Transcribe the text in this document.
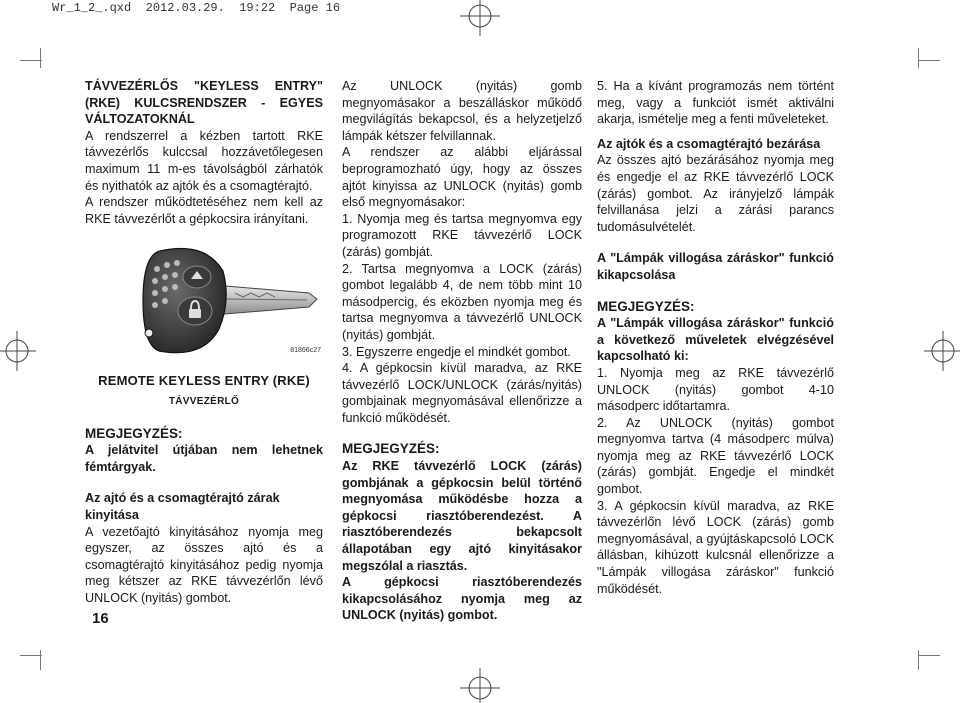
Wr_1_2_.qxd  2012.03.29.  19:22  Page 16

TÁVVEZÉRLŐS "KEYLESS ENTRY" (RKE) KULCSRENDSZER - EGYES VÁLTOZATOKNÁL

A rendszerrel a kézben tartott RKE távvezérlős kulccsal hozzávetőlegesen maximum 11 m-es távolságból zárhatók és nyithatók az ajtók és a csomagtérajtó.

A rendszer működtetéséhez nem kell az RKE távvezérlőt a gépkocsira irányítani.

81866c27
REMOTE KEYLESS ENTRY (RKE)
TÁVVEZÉRLŐ

MEGJEGYZÉS:

A jelátvitel útjában nem lehetnek fémtárgyak.

Az ajtó és a csomagtérajtó zárak kinyitása

A vezetőajtó kinyitásához nyomja meg egyszer, az összes ajtó és a csomagtérajtó kinyitásához pedig nyomja meg kétszer az RKE távvezérlőn lévő UNLOCK (nyitás) gombot.

16

Az UNLOCK (nyitás) gomb megnyomásakor a beszálláskor működő megvilágítás bekapcsol, és a helyzetjelző lámpák kétszer felvillannak.

A rendszer az alábbi eljárással beprogramozható úgy, hogy az összes ajtót kinyissa az UNLOCK (nyitás) gomb első megnyomásakor:

1. Nyomja meg és tartsa megnyomva egy programozott RKE távvezérlő LOCK (zárás) gombját.

2. Tartsa megnyomva a LOCK (zárás) gombot legalább 4, de nem több mint 10 másodpercig, és eközben nyomja meg és tartsa megnyomva a távvezérlő UNLOCK (nyitás) gombját.

3. Egyszerre engedje el mindkét gombot.

4. A gépkocsin kívül maradva, az RKE távvezérlő LOCK/UNLOCK (zárás/nyitás) gombjainak megnyomásával ellenőrizze a funkció működését.

MEGJEGYZÉS:

Az RKE távvezérlő LOCK (zárás) gombjának a gépkocsin belül történő megnyomása működésbe hozza a gépkocsi riasztóberendezést. A riasztóberendezés bekapcsolt állapotában egy ajtó kinyitásakor megszólal a riasztás.

A gépkocsi riasztóberendezés kikapcsolásához nyomja meg az UNLOCK (nyitás) gombot.

5. Ha a kívánt programozás nem történt meg, vagy a funkciót ismét aktiválni akarja, ismételje meg a fenti műveleteket.

Az ajtók és a csomagtérajtó bezárása

Az összes ajtó bezárásához nyomja meg és engedje el az RKE távvezérlő LOCK (zárás) gombot. Az irányjelző lámpák felvillanása jelzi a zárási parancs tudomásulvételét.

A "Lámpák villogása záráskor" funkció kikapcsolása

MEGJEGYZÉS:

A "Lámpák villogása záráskor" funkció a következő műveletek elvégzésével kapcsolható ki:

1. Nyomja meg az RKE távvezérlő UNLOCK (nyitás) gombot 4-10 másodperc időtartamra.

2. Az UNLOCK (nyitás) gombot megnyomva tartva (4 másodperc múlva) nyomja meg az RKE távvezérlő LOCK (zárás) gombját. Engedje el mindkét gombot.

3. A gépkocsin kívül maradva, az RKE távvezérlőn lévő LOCK (zárás) gomb megnyomásával, a gyújtáskapcsoló LOCK állásban, kihúzott kulcsnál ellenőrizze a "Lámpák villogása záráskor" funkció működését.
